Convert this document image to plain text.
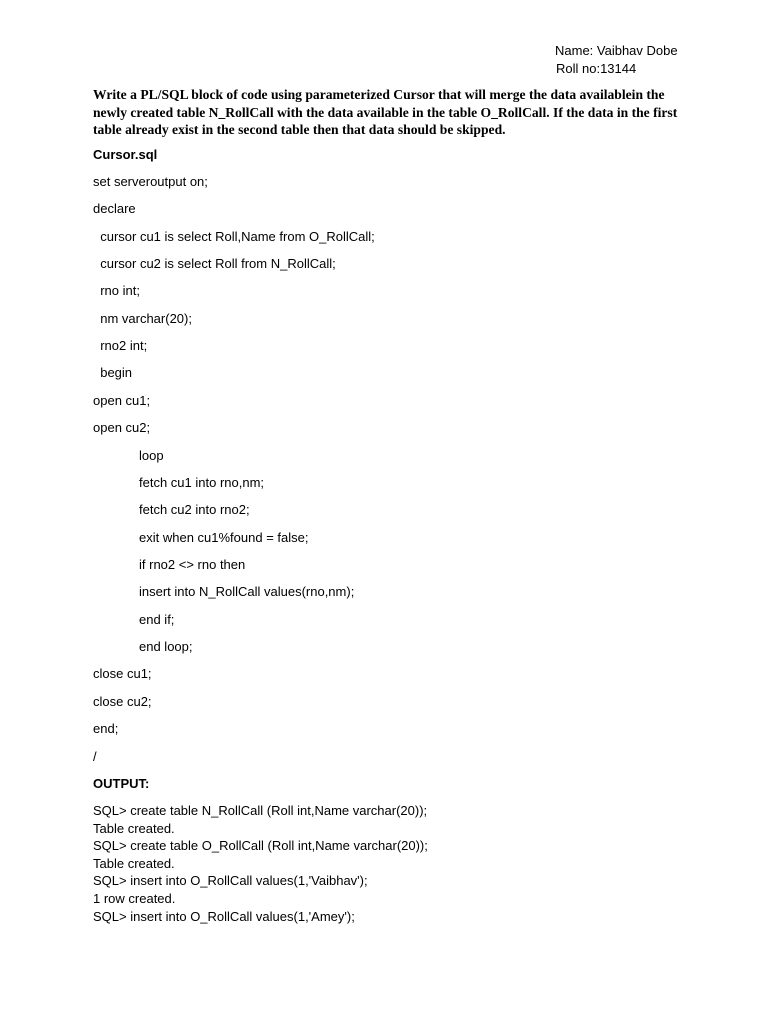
Name: Vaibhav Dobe
Roll no:13144
Write a PL/SQL block of code using parameterized Cursor that will merge the data availablein the newly created table N_RollCall with the data available in the table O_RollCall. If the data in the first table already exist in the second table then that data should be skipped.
Cursor.sql
set serveroutput on;
declare
cursor cu1 is select Roll,Name from O_RollCall;
cursor cu2 is select Roll from N_RollCall;
rno int;
nm varchar(20);
rno2 int;
begin
open cu1;
open cu2;
loop
fetch cu1 into rno,nm;
fetch cu2 into rno2;
exit when cu1%found = false;
if rno2 <> rno then
insert into N_RollCall values(rno,nm);
end if;
end loop;
close cu1;
close cu2;
end;
/
OUTPUT:
SQL> create table N_RollCall (Roll int,Name varchar(20));
Table created.
SQL> create table O_RollCall (Roll int,Name varchar(20));
Table created.
SQL> insert into O_RollCall values(1,'Vaibhav');
1 row created.
SQL> insert into O_RollCall values(1,'Amey');
